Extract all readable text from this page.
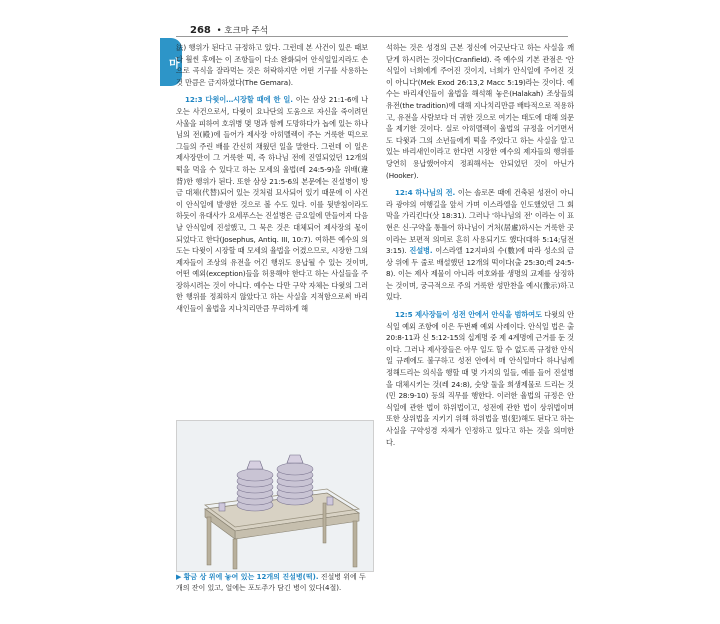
268 • 호크마 주석
마

法) 행위가 된다고 규정하고 있다. 그런데 본 사건이 있은 때보다 훨씬 후에는 이 조항들이 다소 완화되어 안식일일지라도 손으로 곡식을 잘라먹는 것은 허락하지만 어떤 기구를 사용하는 것 만큼은 금지하였다(The Gemara).

12:3 다윗이…시장할 때에 한 일. 이는 삼상 21:1-6에 나오는 사건으로서, 다윗이 요나단의 도움으로 자신을 죽이려던 사울을 피하여 호위병 몇 명과 함께 도망하다가 놉에 있는 하나님의 전(殿)에 들어가 제사장 아히멜렉이 주는 거룩한 떡으로 그들의 주린 배를 간신히 채웠던 일을 말한다. 그런데 이 일은 제사장만이 그 거룩한 떡, 즉 하나님 전에 진열되었던 12개의 떡을 먹을 수 있다고 하는 모세의 율법(레 24:5-9)을 위배(違背)한 행위가 된다. 또한 삼상 21:5-6의 본문에는 진설병이 방금 대체(代替)되어 있는 것처럼 묘사되어 있기 때문에 이 사건이 안식일에 발생한 것으로 볼 수도 있다. 이를 뒷받침이라도 하듯이 유대사가 요세푸스는 진설병은 금요일에 만들어져 다음날 안식일에 진설했고, 그 묵은 것은 대체되어 제사장의 몫이 되었다고 한다(Josephus, Antiq. III, 10:7). 여하튼 예수의 의도는 다윗이 시장할 때 모세의 율법을 어겼으므로, 시장한 그의 제자들이 조상의 유전을 어긴 행위도 용납될 수 있는 것이며, 어떤 예외(exception)들을 허용해야 한다고 하는 사실들을 주장하시려는 것이 아니다. 예수는 다만 구약 자체는 다윗의 그러한 행위를 정죄하지 않았다고 하는 사실을 지적함으로써 바리새인들이 율법을 지나치리만큼 무리하게 해

▶ 황금 상 위에 놓여 있는 12개의 진설병(떡). 진설병 위에 두 개의 잔이 있고, 얼에는 포도주가 담긴 병이 있다(4절).

석하는 것은 성경의 근본 정신에 어긋난다고 하는 사실을 깨닫게 하시려는 것이다(Cranfield). 즉 예수의 기본 관점은 '안식일이 너희에게 주어진 것이지, 너희가 안식일에 주어진 것이 아니다'(Mek Exod 26:13,2 Macc 5:19)라는 것이다. 예수는 바리새인들이 율법을 해석해 놓은(Halakah) 조상들의 유전(the tradition)에 대해 지나치리만큼 배타적으로 적용하고, 유전을 사람보다 더 귀한 것으로 여기는 태도에 대해 의문을 제기한 것이다. 실로 아히멜렉이 율법의 규정을 어기면서도 다윗과 그의 소년들에게 떡을 주었다고 하는 사실을 알고 있는 바리새인이라고 한다면 시장한 예수의 제자들의 행위를 당연히 용납했어야지 정죄해서는 안되었던 것이 아닌가(Hooker).

12:4 하나님의 전. 이는 솔로몬 때에 건축된 성전이 아니라 광야의 여행길을 앞서 가며 이스라엘을 인도했었던 그 회막을 가리킨다(삿 18:31). 그러나 '하나님의 전' 이라는 이 표현은 신·구약을 통틀어 하나님이 거처(居處)하시는 거룩한 곳이라는 보편적 의미로 흔히 사용되기도 했다(대하 5:14;딤전 3:15). 진설병. 이스라엘 12지파의 수(數)에 따라 성소의 금상 위에 두 줄로 배설했던 12개의 떡이다(출 25:30;레 24:5-8). 이는 제사 제물이 아니라 여호와를 생명의 교제를 상징하는 것이며, 궁극적으로 주의 거룩한 성만찬을 예시(豫示)하고 있다.

12:5 제사장들이 성전 안에서 안식을 범하여도 다윗의 안식일 예외 조항에 이은 두번째 예외 사례이다. 안식일 법은 출 20:8-11과 신 5:12-15의 십계명 중 제 4계명에 근거를 둔 것이다. 그러나 제사장들은 아무 일도 할 수 없도록 규정한 안식일 규례에도 불구하고 성전 안에서 매 안식일마다 하나님께 정해드리는 의식을 행할 때 몇 가지의 일들, 예를 들어 진설병을 대체시키는 것(레 24:8), 숫양 둘을 희생제물로 드리는 것(민 28:9-10) 등의 직무를 행한다. 이러한 율법의 규정은 안식일에 관한 법이 하위법이고, 성전에 관한 법이 상위법이며 또한 상위법을 지키기 위해 하위법을 범(犯)해도 된다고 하는 사실을 구약성경 자체가 인정하고 있다고 하는 것을 의미한다.
